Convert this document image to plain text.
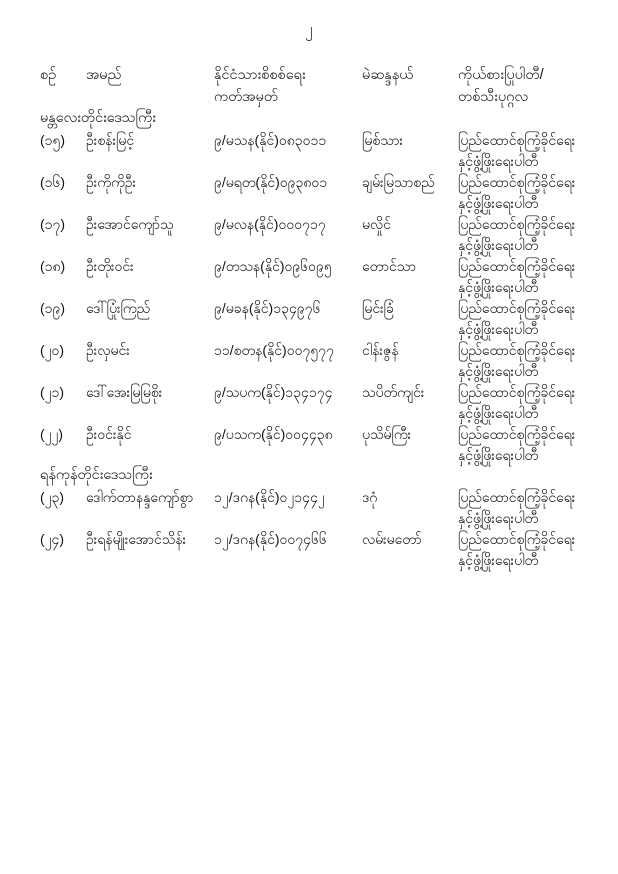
၂
စဉ်	အမည်	နိုင်ငံသားစိစစ်ရေး
ကတ်အမှတ်	မဲဆန္ဒနယ်	ကိုယ်စားပြုပါတီ/
တစ်သီးပုဂ္ဂလ

မန္တလေးတိုင်းဒေသကြီး				
(၁၅)	ဦးစန်းမြင့်	၉/မသန(နိုင်)၀၈၃၀၁၁	မြစ်သား	ပြည်ထောင်စုကြံ့ခိုင်ရေး
နှင့်ဖွံ့ဖြိုးရေးပါတီ

(၁၆)	ဦးကိုကိုဦး	၉/မရတ(နိုင်)၀၉၃၈၀၁	ချမ်းမြသာစည်	ပြည်ထောင်စုကြံ့ခိုင်ရေး
နှင့်ဖွံ့ဖြိုးရေးပါတီ

(၁၇)	ဦးအောင်ကျော်သူ	၉/မလန(နိုင်)၀၀၀၇၁၇	မလှိုင်	ပြည်ထောင်စုကြံ့ခိုင်ရေး
နှင့်ဖွံ့ဖြိုးရေးပါတီ

(၁၈)	ဦးတိုးဝင်း	၉/တသန(နိုင်)၀၉၆၀၉၅	တောင်သာ	ပြည်ထောင်စုကြံ့ခိုင်ရေး
နှင့်ဖွံ့ဖြိုးရေးပါတီ

(၁၉)	ဒေါ်ပြုံးကြည်	၉/မခန(နိုင်)၁၃၄၉၇၆	မြင်းခြံ	ပြည်ထောင်စုကြံ့ခိုင်ရေး
နှင့်ဖွံ့ဖြိုးရေးပါတီ

(၂၀)	ဦးလှမင်း	၁၁/စတန(နိုင်)၀၀၇၅၇၇	ငါန်းဇွန်	ပြည်ထောင်စုကြံ့ခိုင်ရေး
နှင့်ဖွံ့ဖြိုးရေးပါတီ

(၂၁)	ဒေါ်အေးမြမြစိုး	၉/သပက(နိုင်)၁၃၄၁၇၄	သပိတ်ကျင်း	ပြည်ထောင်စုကြံ့ခိုင်ရေး
နှင့်ဖွံ့ဖြိုးရေးပါတီ

(၂၂)	ဦးဝင်းနိုင်	၉/ပသက(နိုင်)၀၀၄၄၃၈	ပုသိမ်ကြီး	ပြည်ထောင်စုကြံ့ခိုင်ရေး
နှင့်ဖွံ့ဖြိုးရေးပါတီ

ရန်ကုန်တိုင်းဒေသကြီး				
(၂၃)	ဒေါက်တာနန္ဒကျော်စွာ	၁၂/ဒဂန(နိုင်)၀၂၁၄၄၂	ဒဂုံ	ပြည်ထောင်စုကြံ့ခိုင်ရေး
နှင့်ဖွံ့ဖြိုးရေးပါတီ

(၂၄)	ဦးရန်မျိုးအောင်သိန်း	၁၂/ဒဂန(နိုင်)၀၀၇၄၆၆	လမ်းမတော်	ပြည်ထောင်စုကြံ့ခိုင်ရေး
နှင့်ဖွံ့ဖြိုးရေးပါတီ
